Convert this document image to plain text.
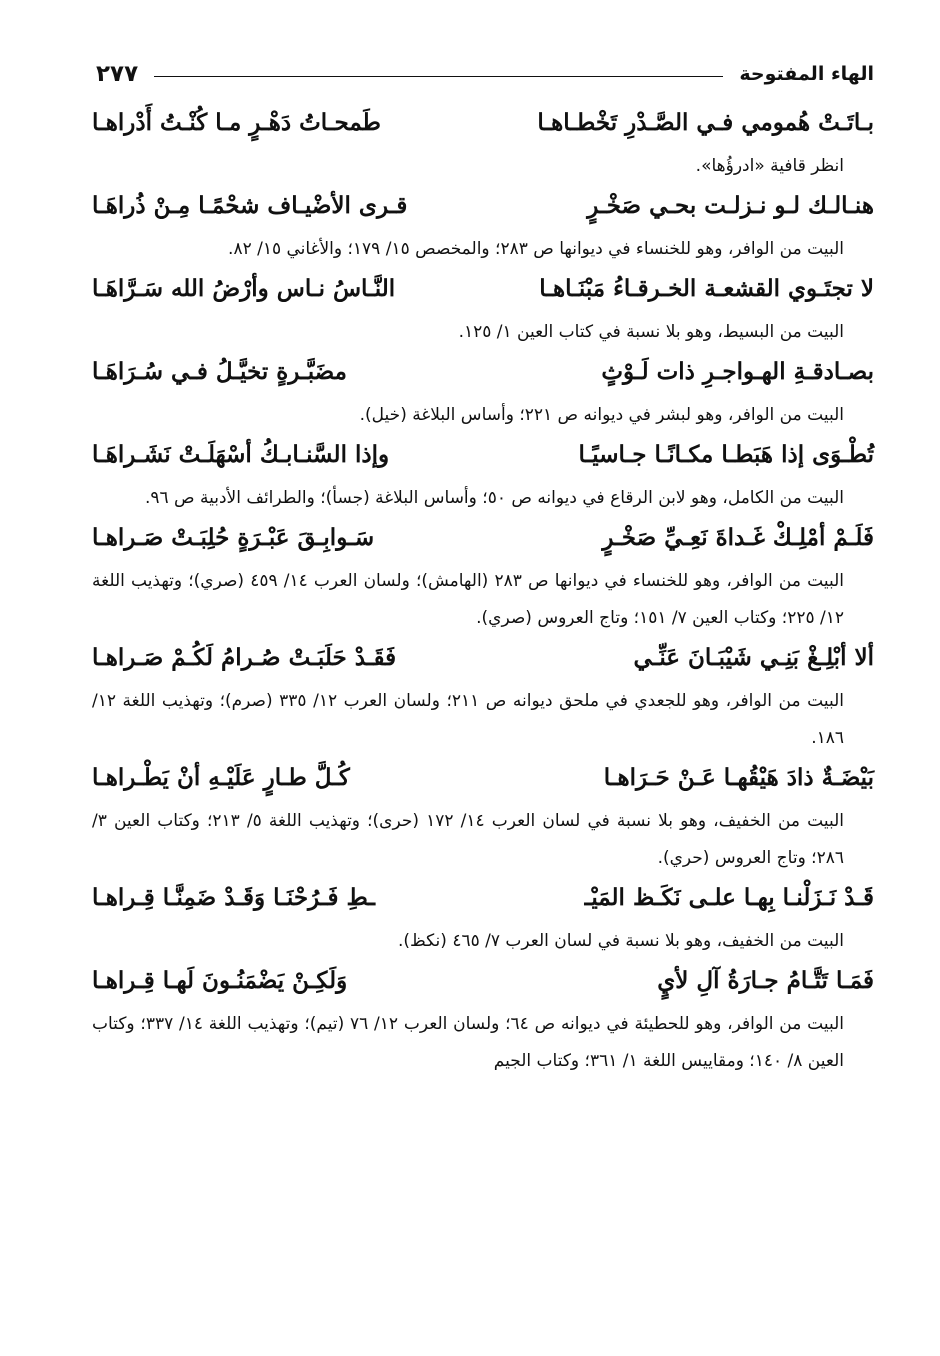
الهاء المفتوحة
٢٧٧
بـاتَـتْ هُمومي فـي الصَّـدْرِ تَخْطـاهـا
طَمحـاتُ دَهْـرٍ مـا كُنْـتُ أَدْراهـا
انظر قافية «ادرؤُها».
هنـالـك لـو نـزلـت بحـي صَخْـرٍ
قـرى الأضْيـاف شحْمًـا مِـنْ ذُراهَـا
البيت من الوافر، وهو للخنساء في ديوانها ص ٢٨٣؛ والمخصص ١٥/ ١٧٩؛ والأغاني ١٥/ ٨٢.
لا تجتَـوي القشعـة الخـرقـاءُ مَبْنَـاهـا
النَّـاسُ نـاس وأرْضُ الله سَـرَّاهَـا
البيت من البسيط، وهو بلا نسبة في كتاب العين ١/ ١٢٥.
بصـادقـةِ الهـواجـرِ ذات لَـوْثٍ
مضَبَّـرةٍ تخيَّـلُ فـي سُـرَاهَـا
البيت من الوافر، وهو لبشر في ديوانه ص ٢٢١؛ وأساس البلاغة (خيل).
تُطْـوَى إذا هَبَطـا مكـانًـا جـاسيًـا
وإذا السَّنـابـكُ أسْهَلَـتْ نَشَـراهَـا
البيت من الكامل، وهو لابن الرقاع في ديوانه ص ٥٠؛ وأساس البلاغة (جسأ)؛ والطرائف الأدبية ص ٩٦.
فَلَـمْ أمْلِـكْ غَـداةَ نَعِـيِّ صَخْـرٍ
سَـوابِـقَ عَبْـرَةٍ حُلِبَـتْ صَـراهـا
البيت من الوافر، وهو للخنساء في ديوانها ص ٢٨٣ (الهامش)؛ ولسان العرب ١٤/ ٤٥٩ (صري)؛ وتهذيب اللغة ١٢/ ٢٢٥؛ وكتاب العين ٧/ ١٥١؛ وتاج العروس (صري).
ألا أبْلِـغْ بَنِـي شَيْبَـانَ عَنِّـي
فَقَـدْ حَلَبَـتْ صُـرامُ لَكُـمْ صَـراهـا
البيت من الوافر، وهو للجعدي في ملحق ديوانه ص ٢١١؛ ولسان العرب ١٢/ ٣٣٥ (صرم)؛ وتهذيب اللغة ١٢/ ١٨٦.
بَيْضَـةٌ ذادَ هَيْقُهـا عَـنْ حَـرَاهـا
كُـلَّ طـارٍ عَلَيْـهِ أنْ يَطْـراهـا
البيت من الخفيف، وهو بلا نسبة في لسان العرب ١٤/ ١٧٢ (حرى)؛ وتهذيب اللغة ٥/ ٢١٣؛ وكتاب العين ٣/ ٢٨٦؛ وتاج العروس (حري).
قَـدْ نَـزَلْنـا بِهـا علـى نَكَـظ المَيْـ
ـطِ فَـرُحْنَـا وَقَـدْ ضَمِنَّـا قِـراهـا
البيت من الخفيف، وهو بلا نسبة في لسان العرب ٧/ ٤٦٥ (نكظ).
فَمَـا تَتَّـامُ جـارَةُ آلِ لأيٍ
وَلَكِـنْ يَضْمَنُـونَ لَهـا قِـراهـا
البيت من الوافر، وهو للحطيئة في ديوانه ص ٦٤؛ ولسان العرب ١٢/ ٧٦ (تيم)؛ وتهذيب اللغة ١٤/ ٣٣٧؛ وكتاب العين ٨/ ١٤٠؛ ومقاييس اللغة ١/ ٣٦١؛ وكتاب الجيم
